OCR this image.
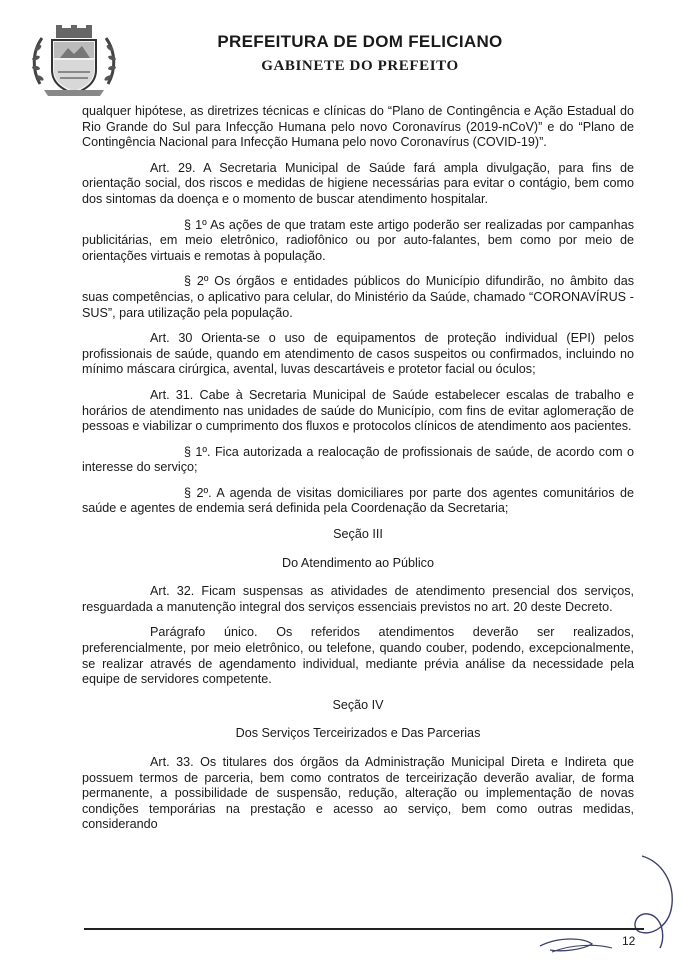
PREFEITURA DE DOM FELICIANO
GABINETE DO PREFEITO

qualquer hipótese, as diretrizes técnicas e clínicas do “Plano de Contingência e Ação Estadual do Rio Grande do Sul para Infecção Humana pelo novo Coronavírus (2019-nCoV)” e do “Plano de Contingência Nacional para Infecção Humana pelo novo Coronavírus (COVID-19)”.

Art. 29. A Secretaria Municipal de Saúde fará ampla divulgação, para fins de orientação social, dos riscos e medidas de higiene necessárias para evitar o contágio, bem como dos sintomas da doença e o momento de buscar atendimento hospitalar.

§ 1º As ações de que tratam este artigo poderão ser realizadas por campanhas publicitárias, em meio eletrônico, radiofônico ou por auto-falantes, bem como por meio de orientações virtuais e remotas à população.

§ 2º Os órgãos e entidades públicos do Município difundirão, no âmbito das suas competências, o aplicativo para celular, do Ministério da Saúde, chamado “CORONAVÍRUS - SUS”, para utilização pela população.

Art. 30 Orienta-se o uso de equipamentos de proteção individual (EPI) pelos profissionais de saúde, quando em atendimento de casos suspeitos ou confirmados, incluindo no mínimo máscara cirúrgica, avental, luvas descartáveis e protetor facial ou óculos;

Art. 31. Cabe à Secretaria Municipal de Saúde estabelecer escalas de trabalho e horários de atendimento nas unidades de saúde do Município, com fins de evitar aglomeração de pessoas e viabilizar o cumprimento dos fluxos e protocolos clínicos de atendimento aos pacientes.

§ 1º. Fica autorizada a realocação de profissionais de saúde, de acordo com o interesse do serviço;

§ 2º. A agenda de visitas domiciliares por parte dos agentes comunitários de saúde e agentes de endemia será definida pela Coordenação da Secretaria;

Seção III

Do Atendimento ao Público

Art. 32. Ficam suspensas as atividades de atendimento presencial dos serviços, resguardada a manutenção integral dos serviços essenciais previstos no art. 20 deste Decreto.

Parágrafo único. Os referidos atendimentos deverão ser realizados, preferencialmente, por meio eletrônico, ou telefone, quando couber, podendo, excepcionalmente, se realizar através de agendamento individual, mediante prévia análise da necessidade pela equipe de servidores competente.

Seção IV

Dos Serviços Terceirizados e Das Parcerias

Art. 33. Os titulares dos órgãos da Administração Municipal Direta e Indireta que possuem termos de parceria, bem como contratos de terceirização deverão avaliar, de forma permanente, a possibilidade de suspensão, redução, alteração ou implementação de novas condições temporárias na prestação e acesso ao serviço, bem como outras medidas, considerando

12
